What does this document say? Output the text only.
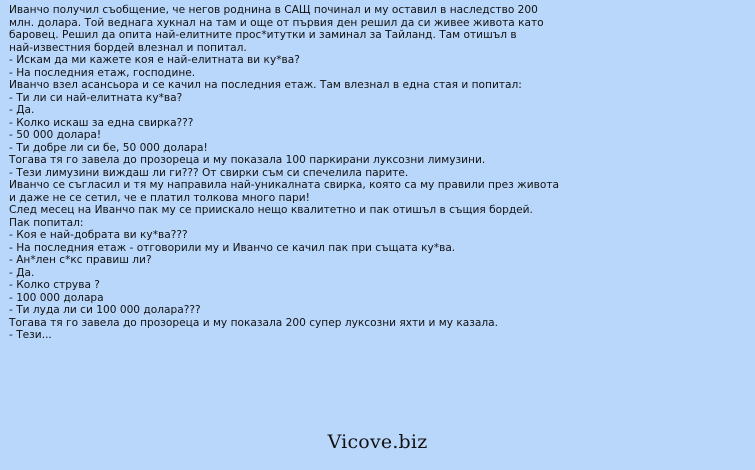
Иванчо получил съобщение, че негов роднина в САЩ починал и му оставил в наследство 200
млн. долара. Той веднага хукнал на там и още от първия ден решил да си живее живота като
баровец. Решил да опита най-елитните прос*итутки и заминал за Тайланд. Там отишъл в
най-известния бордей влезнал и попитал.
- Искам да ми кажете коя е най-елитната ви ку*ва?
- На последния етаж, господине.
Иванчо взел асансьора и се качил на последния етаж. Там влезнал в една стая и попитал:
- Ти ли си най-елитната ку*ва?
- Да.
- Колко искаш за една свирка???
- 50 000 долара!
- Ти добре ли си бе, 50 000 долара!
Тогава тя го завела до прозореца и му показала 100 паркирани луксозни лимузини.
- Тези лимузини виждаш ли ги??? От свирки съм си спечелила парите.
Иванчо се съгласил и тя му направила най-уникалната свирка, която са му правили през живота
и даже не се сетил, че е платил толкова много пари!
След месец на Иванчо пак му се приискало нещо квалитетно и пак отишъл в същия бордей.
Пак попитал:
- Коя е най-добрата ви ку*ва???
- На последния етаж - отговорили му и Иванчо се качил пак при същата ку*ва.
- Ан*лен с*кс правиш ли?
- Да.
- Колко струва ?
- 100 000 долара
- Ти луда ли си 100 000 долара???
Тогава тя го завела до прозореца и му показала 200 супер луксозни яхти и му казала.
- Тези...
Vicove.biz
